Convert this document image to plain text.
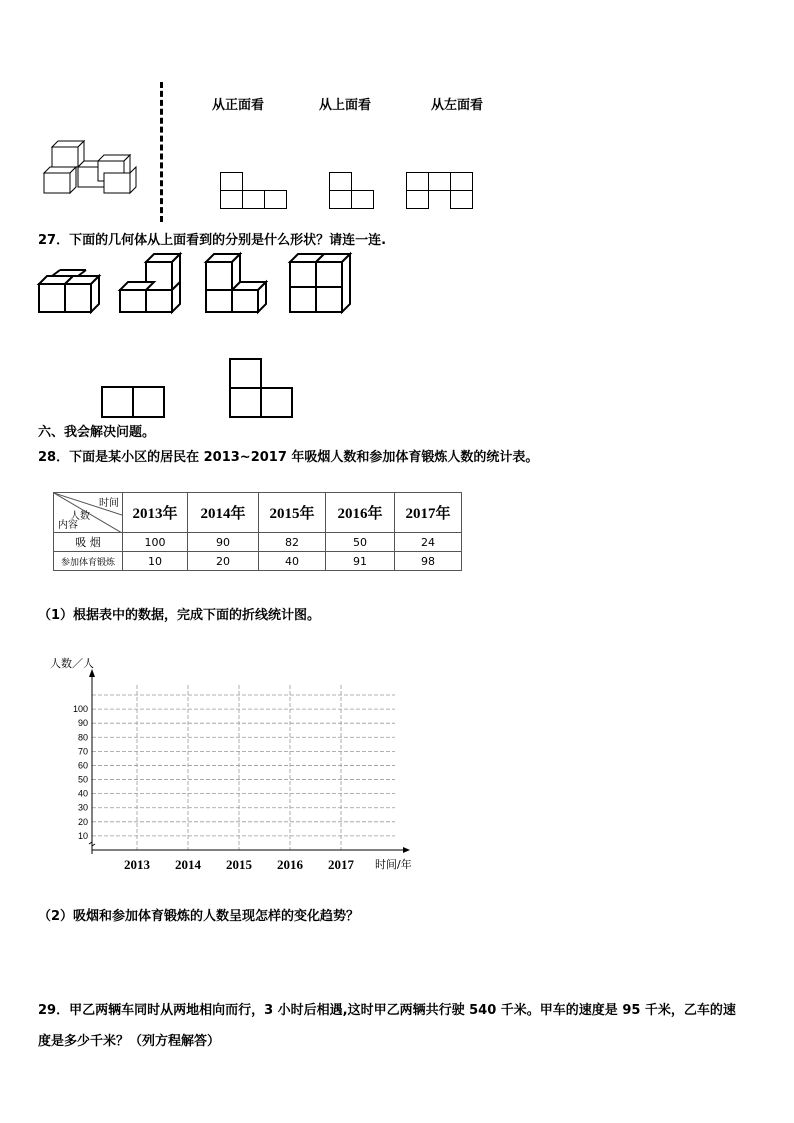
从正面看	从上面看	从左面看
27．下面的几何体从上面看到的分别是什么形状？请连一连.
六、我会解决问题。
28．下面是某小区的居民在 2013~2017 年吸烟人数和参加体育锻炼人数的统计表。
时间
人数
内容	2013年	2014年	2015年	2016年	2017年
吸 烟	100	90	82	50	24
参加体育锻炼	10	20	40	91	98
（1）根据表中的数据，完成下面的折线统计图。
2013 2014 2015 2016 2017
10
20
30
40
50
60
70
80
90
100
人数／人
时间/年
（2）吸烟和参加体育锻炼的人数呈现怎样的变化趋势？
29．甲乙两辆车同时从两地相向而行，3 小时后相遇,这时甲乙两辆共行驶 540 千米。甲车的速度是 95 千米，乙车的速
度是多少千米？（列方程解答）
